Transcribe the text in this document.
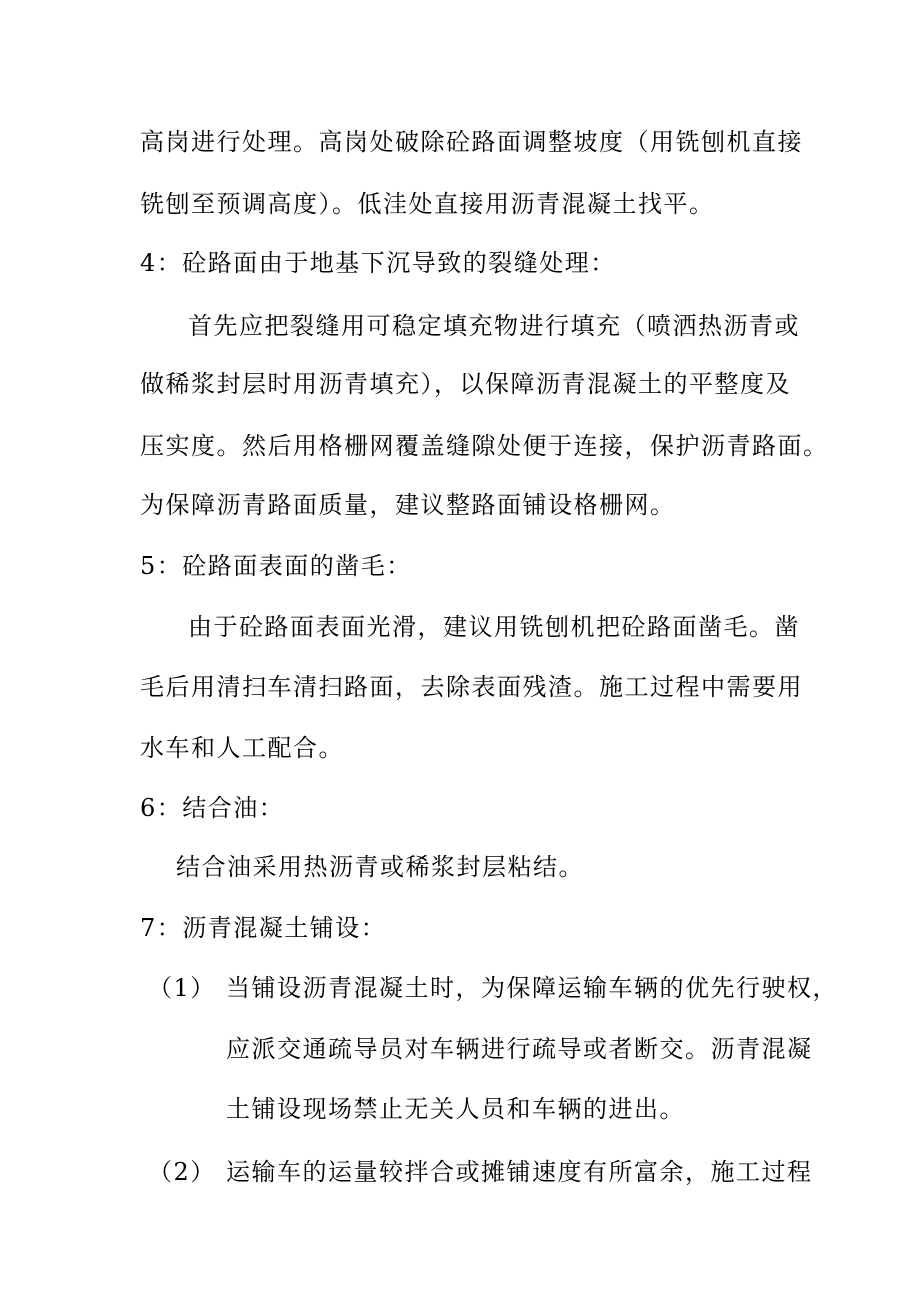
高岗进行处理。高岗处破除砼路面调整坡度（用铣刨机直接
铣刨至预调高度）。低洼处直接用沥青混凝土找平。
4：砼路面由于地基下沉导致的裂缝处理：
首先应把裂缝用可稳定填充物进行填充（喷洒热沥青或
做稀浆封层时用沥青填充），以保障沥青混凝土的平整度及
压实度。然后用格栅网覆盖缝隙处便于连接，保护沥青路面。
为保障沥青路面质量，建议整路面铺设格栅网。
5：砼路面表面的凿毛：
由于砼路面表面光滑，建议用铣刨机把砼路面凿毛。凿
毛后用清扫车清扫路面，去除表面残渣。施工过程中需要用
水车和人工配合。
6：结合油：
结合油采用热沥青或稀浆封层粘结。
7：沥青混凝土铺设：
（1） 当铺设沥青混凝土时，为保障运输车辆的优先行驶权，
应派交通疏导员对车辆进行疏导或者断交。沥青混凝
土铺设现场禁止无关人员和车辆的进出。
（2） 运输车的运量较拌合或摊铺速度有所富余，施工过程
